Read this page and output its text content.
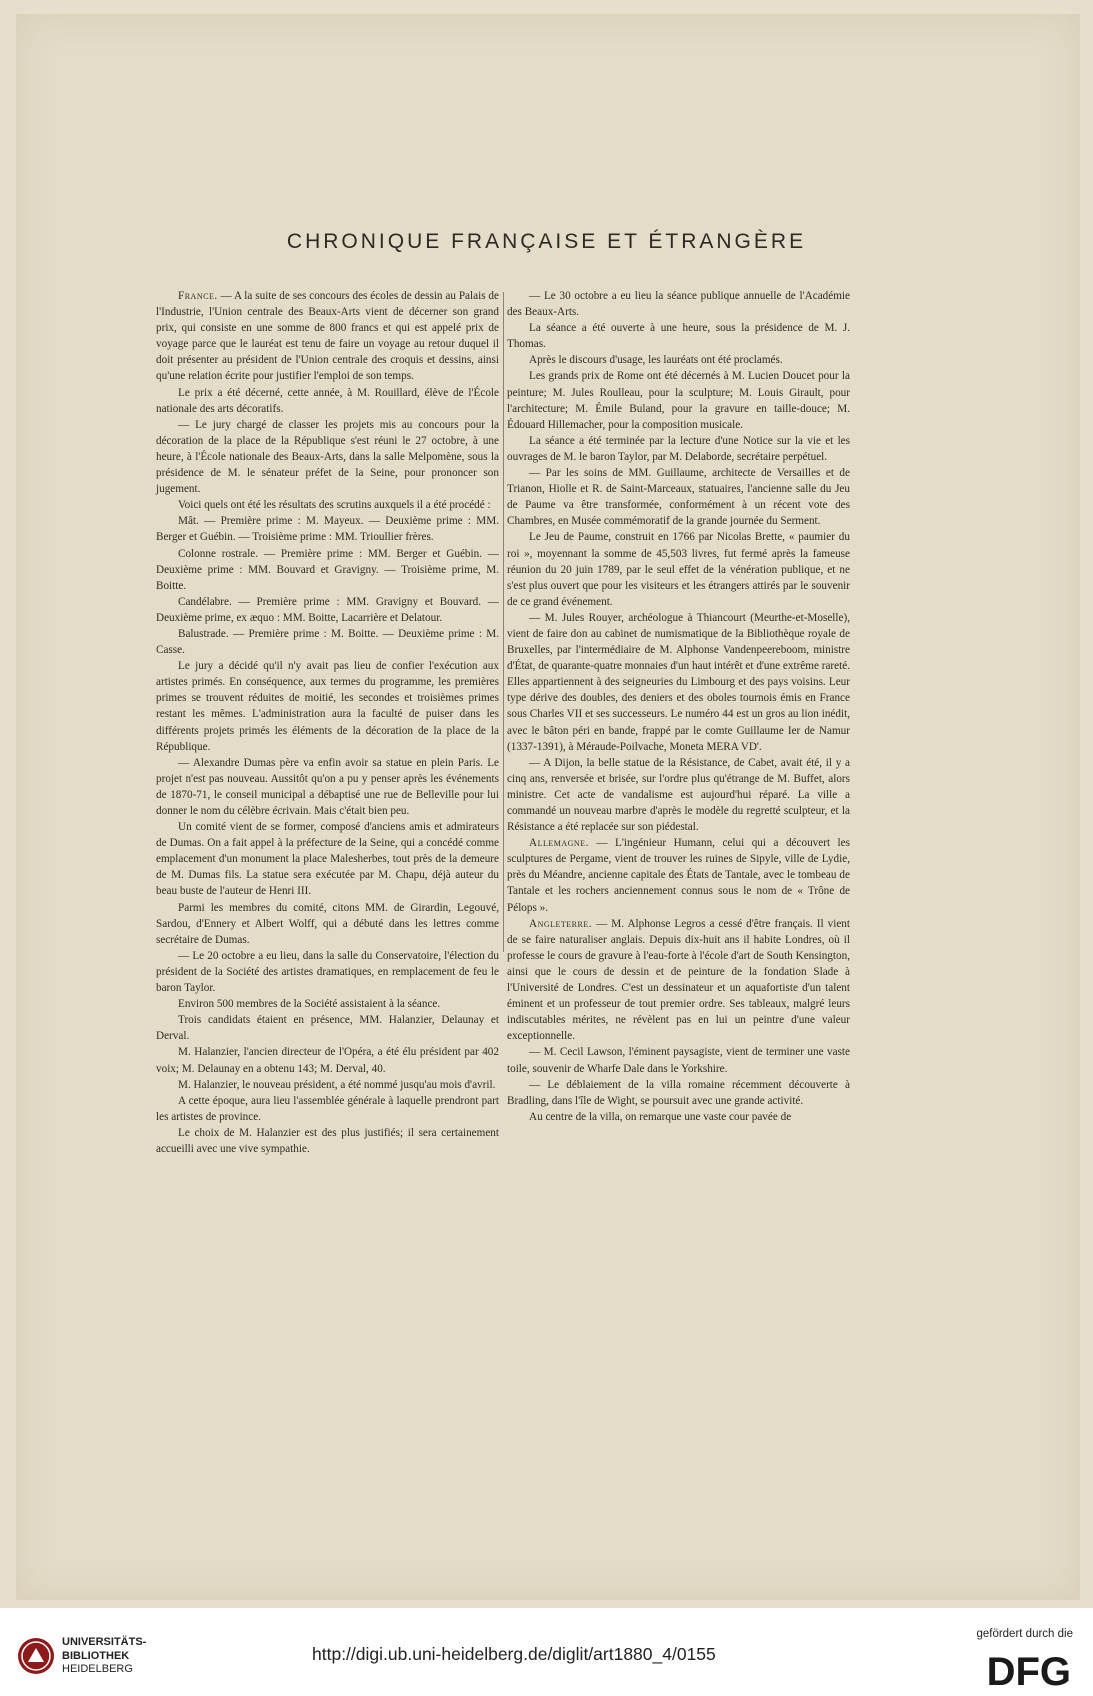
CHRONIQUE FRANÇAISE ET ÉTRANGÈRE

France. — A la suite de ses concours des écoles de dessin au Palais de l'Industrie, l'Union centrale des Beaux-Arts vient de décerner son grand prix, qui consiste en une somme de 800 francs et qui est appelé prix de voyage parce que le lauréat est tenu de faire un voyage au retour duquel il doit présenter au président de l'Union centrale des croquis et dessins, ainsi qu'une relation écrite pour justifier l'emploi de son temps.

Le prix a été décerné, cette année, à M. Rouillard, élève de l'École nationale des arts décoratifs.

— Le jury chargé de classer les projets mis au concours pour la décoration de la place de la République s'est réuni le 27 octobre, à une heure, à l'École nationale des Beaux-Arts, dans la salle Melpomène, sous la présidence de M. le sénateur préfet de la Seine, pour prononcer son jugement.

Voici quels ont été les résultats des scrutins auxquels il a été procédé :

Mât. — Première prime : M. Mayeux. — Deuxième prime : MM. Berger et Guébin. — Troisième prime : MM. Trioullier frères.

Colonne rostrale. — Première prime : MM. Berger et Guébin. — Deuxième prime : MM. Bouvard et Gravigny. — Troisième prime, M. Boitte.

Candélabre. — Première prime : MM. Gravigny et Bouvard. — Deuxième prime, ex æquo : MM. Boitte, Lacarrière et Delatour.

Balustrade. — Première prime : M. Boitte. — Deuxième prime : M. Casse.

Le jury a décidé qu'il n'y avait pas lieu de confier l'exécution aux artistes primés. En conséquence, aux termes du programme, les premières primes se trouvent réduites de moitié, les secondes et troisièmes primes restant les mêmes. L'administration aura la faculté de puiser dans les différents projets primés les éléments de la décoration de la place de la République.

— Alexandre Dumas père va enfin avoir sa statue en plein Paris. Le projet n'est pas nouveau. Aussitôt qu'on a pu y penser après les événements de 1870-71, le conseil municipal a débaptisé une rue de Belleville pour lui donner le nom du célèbre écrivain. Mais c'était bien peu.

Un comité vient de se former, composé d'anciens amis et admirateurs de Dumas. On a fait appel à la préfecture de la Seine, qui a concédé comme emplacement d'un monument la place Malesherbes, tout près de la demeure de M. Dumas fils. La statue sera exécutée par M. Chapu, déjà auteur du beau buste de l'auteur de Henri III.

Parmi les membres du comité, citons MM. de Girardin, Legouvé, Sardou, d'Ennery et Albert Wolff, qui a débuté dans les lettres comme secrétaire de Dumas.

— Le 20 octobre a eu lieu, dans la salle du Conservatoire, l'élection du président de la Société des artistes dramatiques, en remplacement de feu le baron Taylor.

Environ 500 membres de la Société assistaient à la séance.

Trois candidats étaient en présence, MM. Halanzier, Delaunay et Derval.

M. Halanzier, l'ancien directeur de l'Opéra, a été élu président par 402 voix; M. Delaunay en a obtenu 143; M. Derval, 40.

M. Halanzier, le nouveau président, a été nommé jusqu'au mois d'avril.

A cette époque, aura lieu l'assemblée générale à laquelle prendront part les artistes de province.

Le choix de M. Halanzier est des plus justifiés; il sera certainement accueilli avec une vive sympathie.

— Le 30 octobre a eu lieu la séance publique annuelle de l'Académie des Beaux-Arts.

La séance a été ouverte à une heure, sous la présidence de M. J. Thomas.

Après le discours d'usage, les lauréats ont été proclamés.

Les grands prix de Rome ont été décernés à M. Lucien Doucet pour la peinture; M. Jules Roulleau, pour la sculpture; M. Louis Girault, pour l'architecture; M. Émile Buland, pour la gravure en taille-douce; M. Édouard Hillemacher, pour la composition musicale.

La séance a été terminée par la lecture d'une Notice sur la vie et les ouvrages de M. le baron Taylor, par M. Delaborde, secrétaire perpétuel.

— Par les soins de MM. Guillaume, architecte de Versailles et de Trianon, Hiolle et R. de Saint-Marceaux, statuaires, l'ancienne salle du Jeu de Paume va être transformée, conformément à un récent vote des Chambres, en Musée commémoratif de la grande journée du Serment.

Le Jeu de Paume, construit en 1766 par Nicolas Brette, « paumier du roi », moyennant la somme de 45,503 livres, fut fermé après la fameuse réunion du 20 juin 1789, par le seul effet de la vénération publique, et ne s'est plus ouvert que pour les visiteurs et les étrangers attirés par le souvenir de ce grand événement.

— M. Jules Rouyer, archéologue à Thiancourt (Meurthe-et-Moselle), vient de faire don au cabinet de numismatique de la Bibliothèque royale de Bruxelles, par l'intermédiaire de M. Alphonse Vandenpeereboom, ministre d'État, de quarante-quatre monnaies d'un haut intérêt et d'une extrême rareté. Elles appartiennent à des seigneuries du Limbourg et des pays voisins. Leur type dérive des doubles, des deniers et des oboles tournois émis en France sous Charles VII et ses successeurs. Le numéro 44 est un gros au lion inédit, avec le bâton péri en bande, frappé par le comte Guillaume Ier de Namur (1337-1391), à Méraude-Poilvache, Moneta MERA VD'.

— A Dijon, la belle statue de la Résistance, de Cabet, avait été, il y a cinq ans, renversée et brisée, sur l'ordre plus qu'étrange de M. Buffet, alors ministre. Cet acte de vandalisme est aujourd'hui réparé. La ville a commandé un nouveau marbre d'après le modèle du regretté sculpteur, et la Résistance a été replacée sur son piédestal.

Allemagne. — L'ingénieur Humann, celui qui a découvert les sculptures de Pergame, vient de trouver les ruines de Sipyle, ville de Lydie, près du Méandre, ancienne capitale des États de Tantale, avec le tombeau de Tantale et les rochers anciennement connus sous le nom de « Trône de Pélops ».

Angleterre. — M. Alphonse Legros a cessé d'être français. Il vient de se faire naturaliser anglais. Depuis dix-huit ans il habite Londres, où il professe le cours de gravure à l'eau-forte à l'école d'art de South Kensington, ainsi que le cours de dessin et de peinture de la fondation Slade à l'Université de Londres. C'est un dessinateur et un aquafortiste d'un talent éminent et un professeur de tout premier ordre. Ses tableaux, malgré leurs indiscutables mérites, ne révèlent pas en lui un peintre d'une valeur exceptionnelle.

— M. Cecil Lawson, l'éminent paysagiste, vient de terminer une vaste toile, souvenir de Wharfe Dale dans le Yorkshire.

— Le déblaiement de la villa romaine récemment découverte à Bradling, dans l'île de Wight, se poursuit avec une grande activité.

Au centre de la villa, on remarque une vaste cour pavée de

UNIVERSITÄTS-
BIBLIOTHEK
HEIDELBERG
http://digi.ub.uni-heidelberg.de/diglit/art1880_4/0155
gefördert durch die
DFG
